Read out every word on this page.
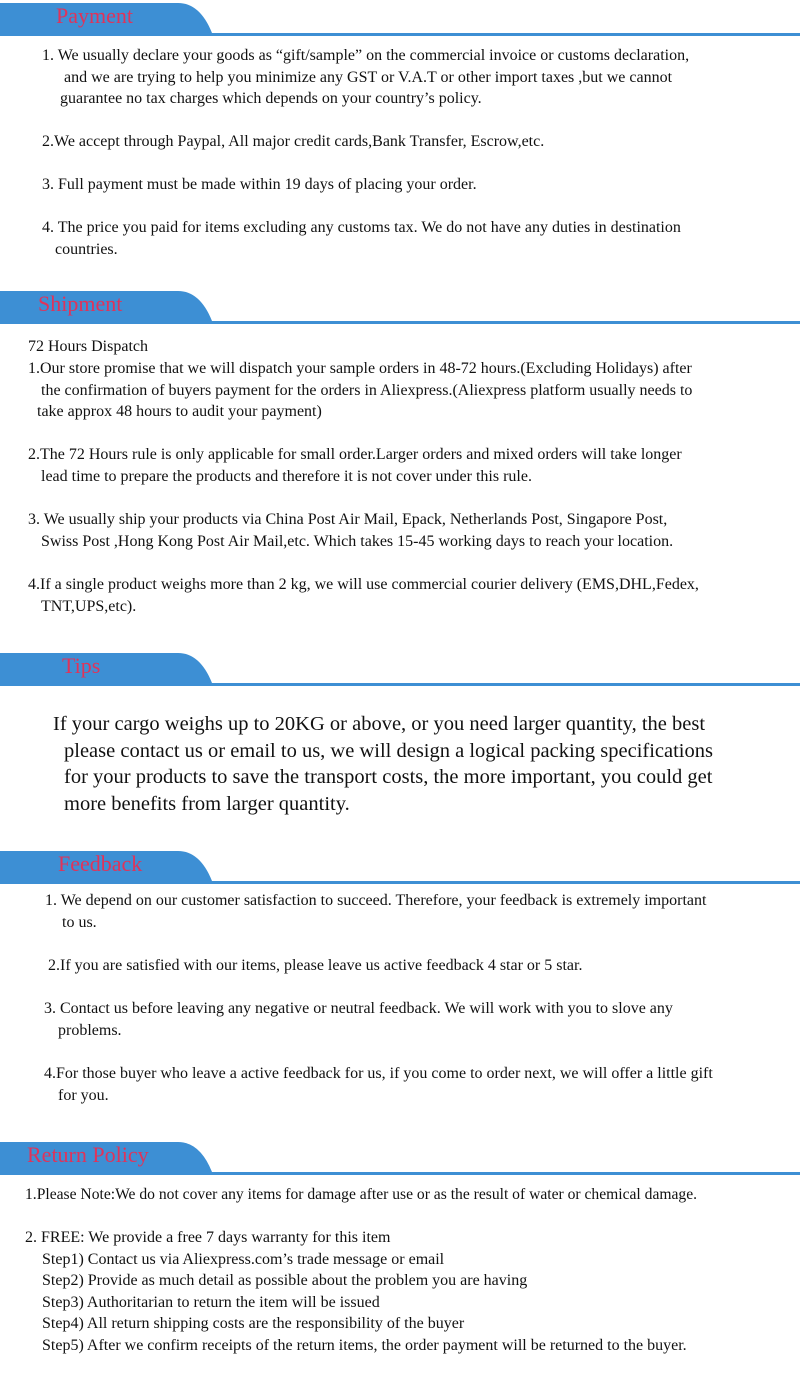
Payment
1. We usually declare your goods as “gift/sample” on the commercial invoice or customs declaration,
and we are trying to help you minimize any GST or V.A.T or other import taxes ,but we cannot
guarantee no tax charges which depends on your country’s policy.
2.We accept through Paypal, All major credit cards,Bank Transfer, Escrow,etc.
3. Full payment must be made within 19 days of placing your order.
4. The price you paid for items excluding any customs tax. We do not have any duties in destination
countries.
Shipment
72 Hours Dispatch
1.Our store promise that we will dispatch your sample orders in 48-72 hours.(Excluding Holidays) after
the confirmation of buyers payment for the orders in Aliexpress.(Aliexpress platform usually needs to
take approx 48 hours to audit your payment)
2.The 72 Hours rule is only applicable for small order.Larger orders and mixed orders will take longer
lead time to prepare the products and therefore it is not cover under this rule.
3. We usually ship your products via China Post Air Mail, Epack, Netherlands Post, Singapore Post,
Swiss Post ,Hong Kong Post Air Mail,etc. Which takes 15-45 working days to reach your location.
4.If a single product weighs more than 2 kg, we will use commercial courier delivery (EMS,DHL,Fedex,
TNT,UPS,etc).
Tips
If your cargo weighs up to 20KG or above, or you need larger quantity, the best
please contact us or email to us, we will design a logical packing specifications
for your products to save the transport costs, the more important, you could get
more benefits from larger quantity.
Feedback
1. We depend on our customer satisfaction to succeed. Therefore, your feedback is extremely important
to us.
2.If you are satisfied with our items, please leave us active feedback 4 star or 5 star.
3. Contact us before leaving any negative or neutral feedback. We will work with you to slove any
problems.
4.For those buyer who leave a active feedback for us, if you come to order next, we will offer a little gift
for you.
Return Policy
1.Please Note:We do not cover any items for damage after use or as the result of water or chemical damage.
2. FREE: We provide a free 7 days warranty for this item
Step1) Contact us via Aliexpress.com’s trade message or email
Step2) Provide as much detail as possible about the problem you are having
Step3) Authoritarian to return the item will be issued
Step4) All return shipping costs are the responsibility of the buyer
Step5) After we confirm receipts of the return items, the order payment will be returned to the buyer.
